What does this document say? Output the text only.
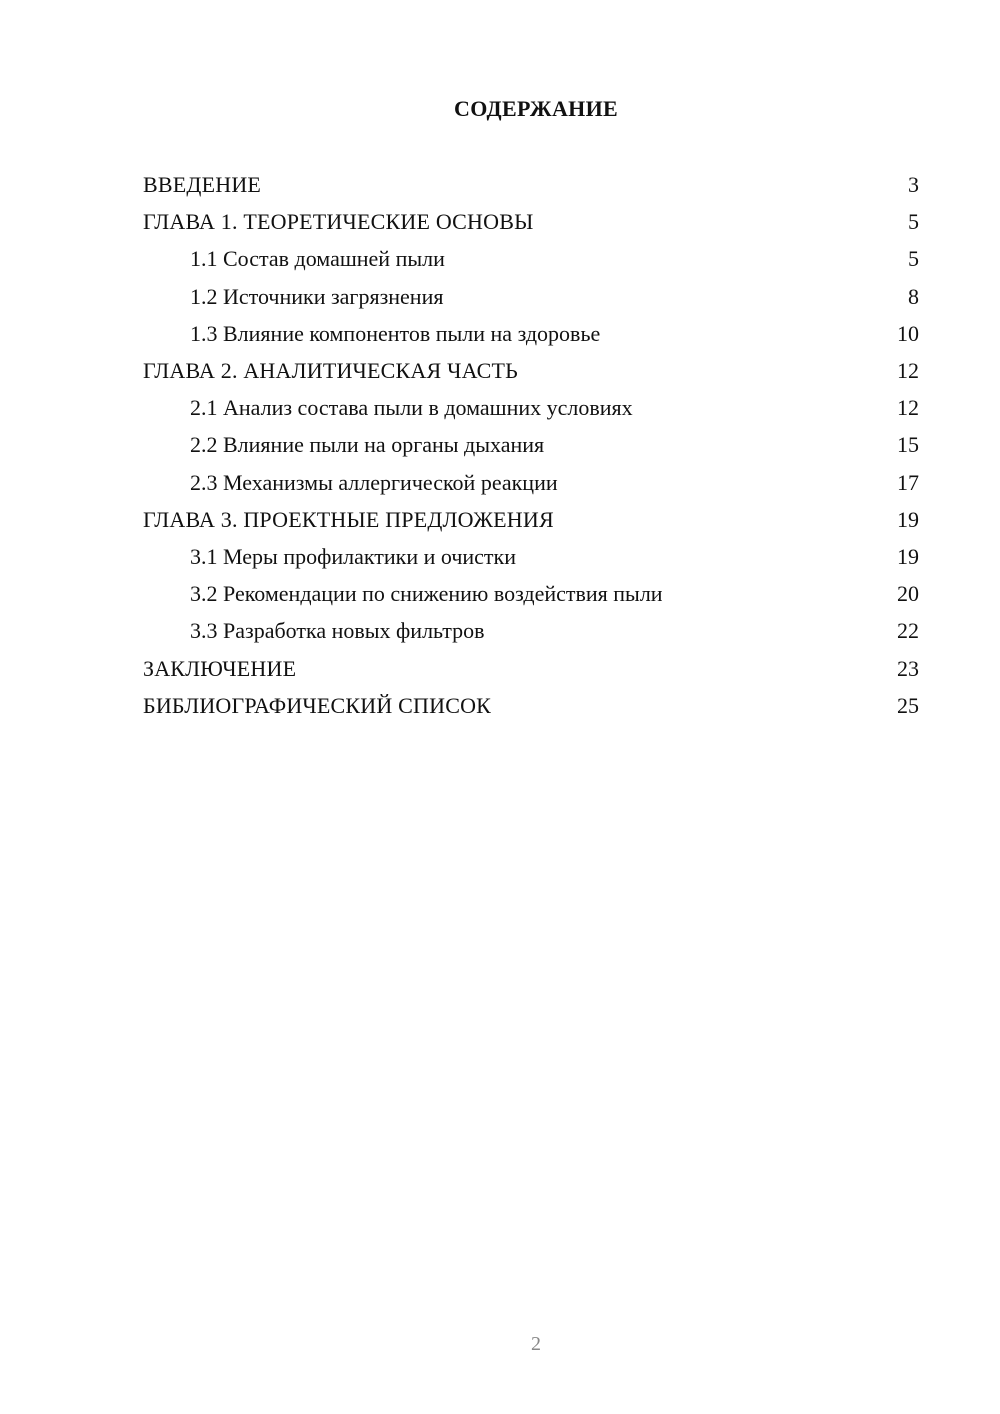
СОДЕРЖАНИЕ
ВВЕДЕНИЕ	3
ГЛАВА 1. ТЕОРЕТИЧЕСКИЕ ОСНОВЫ	5
1.1 Состав домашней пыли	5
1.2 Источники загрязнения	8
1.3 Влияние компонентов пыли на здоровье	10
ГЛАВА 2. АНАЛИТИЧЕСКАЯ ЧАСТЬ	12
2.1 Анализ состава пыли в домашних условиях	12
2.2 Влияние пыли на органы дыхания	15
2.3 Механизмы аллергической реакции	17
ГЛАВА 3. ПРОЕКТНЫЕ ПРЕДЛОЖЕНИЯ	19
3.1 Меры профилактики и очистки	19
3.2 Рекомендации по снижению воздействия пыли	20
3.3 Разработка новых фильтров	22
ЗАКЛЮЧЕНИЕ	23
БИБЛИОГРАФИЧЕСКИЙ СПИСОК	25
2
